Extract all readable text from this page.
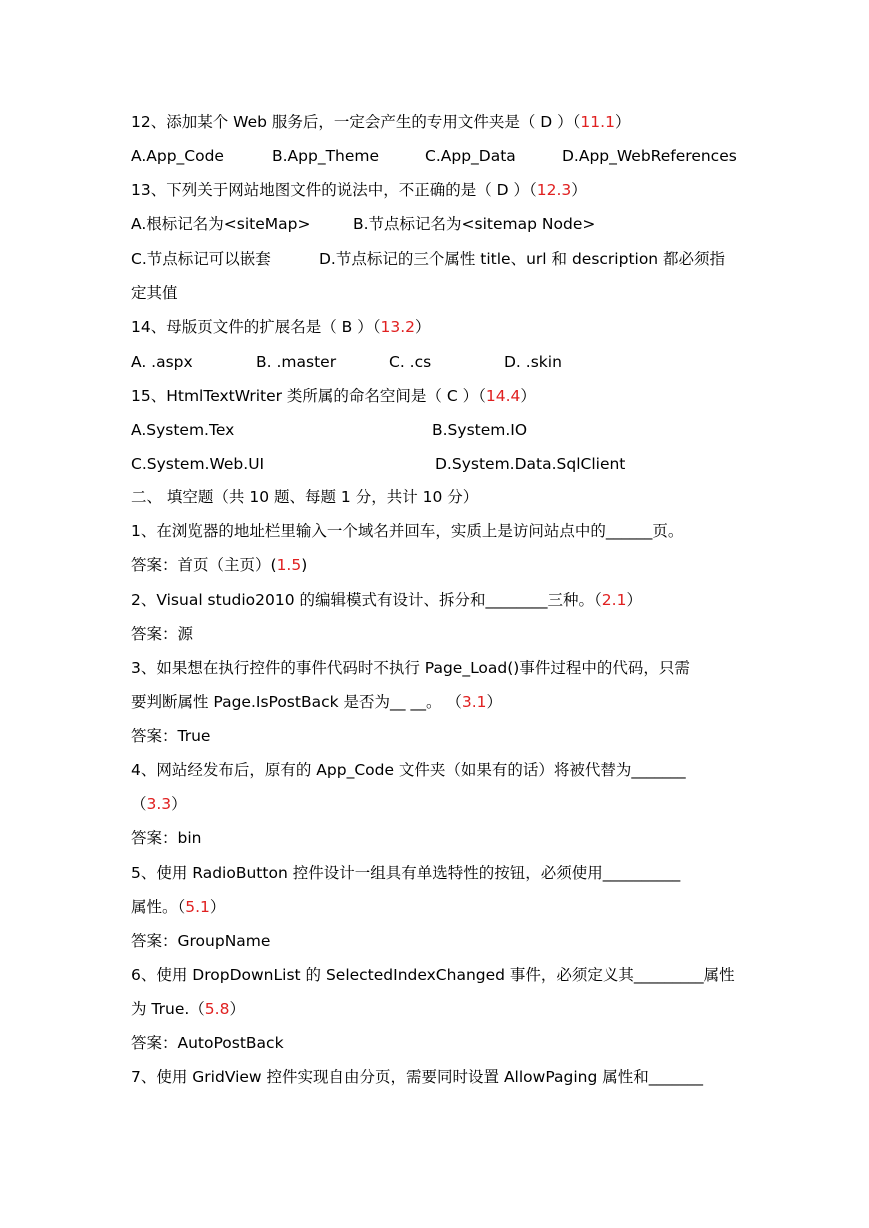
12、添加某个 Web 服务后，一定会产生的专用文件夹是（ D ）（11.1）
A.App_Code	B.App_Theme	C.App_Data	D.App_WebReferences
13、下列关于网站地图文件的说法中，不正确的是（ D ）（12.3）
A.根标记名为<siteMap>	B.节点标记名为<sitemap Node>
C.节点标记可以嵌套	D.节点标记的三个属性 title、url 和 description 都必须指
定其值
14、母版页文件的扩展名是（ B ）（13.2）
A. .aspx	B. .master	C. .cs	D. .skin
15、HtmlTextWriter 类所属的命名空间是（ C ）（14.4）
A.System.Tex	B.System.IO
C.System.Web.UI	D.System.Data.SqlClient
二、 填空题（共 10 题、每题 1 分，共计 10 分）
1、在浏览器的地址栏里输入一个域名并回车，实质上是访问站点中的______页。
答案：首页（主页）(1.5)
2、Visual studio2010 的编辑模式有设计、拆分和________三种。（2.1）
答案：源
3、如果想在执行控件的事件代码时不执行 Page_Load()事件过程中的代码，只需
要判断属性 Page.IsPostBack 是否为__ __。 （3.1）
答案：True
4、网站经发布后，原有的 App_Code 文件夹（如果有的话）将被代替为_______
（3.3）
答案：bin
5、使用 RadioButton 控件设计一组具有单选特性的按钮，必须使用__________
属性。（5.1）
答案：GroupName
6、使用 DropDownList 的 SelectedIndexChanged 事件，必须定义其_________属性
为 True.（5.8）
答案：AutoPostBack
7、使用 GridView 控件实现自由分页，需要同时设置 AllowPaging 属性和_______
